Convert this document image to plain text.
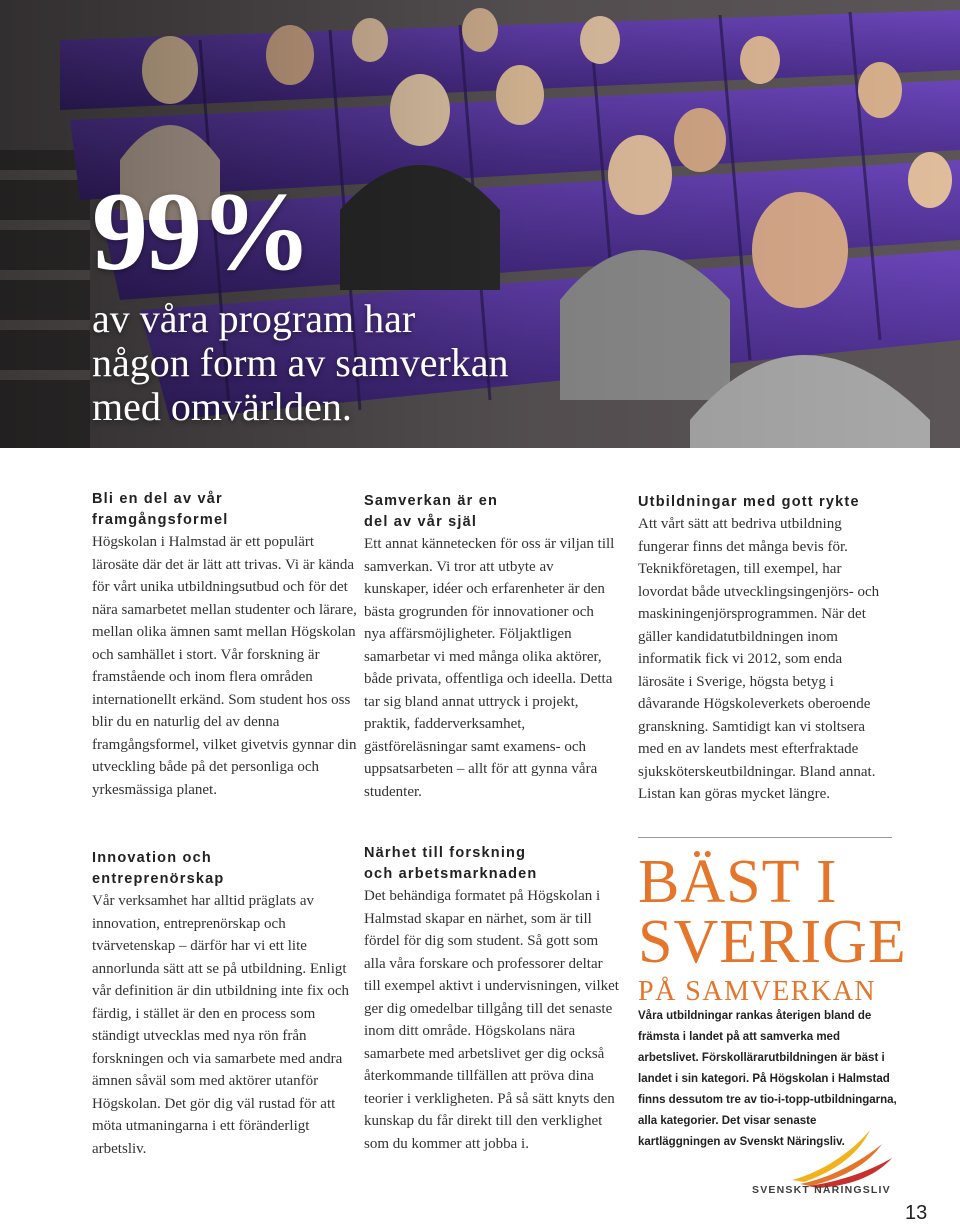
99%
av våra program har
någon form av samverkan
med omvärlden.
Bli en del av vår
framgångsformel

Högskolan i Halmstad är ett populärt lärosäte där det är lätt att trivas. Vi är kända för vårt unika utbildningsutbud och för det nära samarbetet mellan studenter och lärare, mellan olika ämnen samt mellan Högskolan och samhället i stort. Vår forskning är framstående och inom flera områden internationellt erkänd. Som student hos oss blir du en naturlig del av denna framgångsformel, vilket givetvis gynnar din utveckling både på det personliga och yrkesmässiga planet.

Innovation och
entreprenörskap

Vår verksamhet har alltid präglats av innovation, entreprenörskap och tvärvetenskap – därför har vi ett lite annorlunda sätt att se på utbildning. Enligt vår definition är din utbildning inte fix och färdig, i stället är den en process som ständigt utvecklas med nya rön från forskningen och via samarbete med andra ämnen såväl som med aktörer utanför Högskolan. Det gör dig väl rustad för att möta utmaningarna i ett föränderligt arbetsliv.

Samverkan är en
del av vår själ

Ett annat kännetecken för oss är viljan till samverkan. Vi tror att utbyte av kunskaper, idéer och erfarenheter är den bästa grogrunden för innovationer och nya affärsmöjligheter. Följaktligen samarbetar vi med många olika aktörer, både privata, offentliga och ideella. Detta tar sig bland annat uttryck i projekt, praktik, fadderverksamhet, gästföreläsningar samt examens- och uppsatsarbeten – allt för att gynna våra studenter.

Närhet till forskning
och arbetsmarknaden

Det behändiga formatet på Högskolan i Halmstad skapar en närhet, som är till fördel för dig som student. Så gott som alla våra forskare och professorer deltar till exempel aktivt i undervisningen, vilket ger dig omedelbar tillgång till det senaste inom ditt område. Högskolans nära samarbete med arbetslivet ger dig också återkommande tillfällen att pröva dina teorier i verkligheten. På så sätt knyts den kunskap du får direkt till den verklighet som du kommer att jobba i.

Utbildningar med gott rykte

Att vårt sätt att bedriva utbildning fungerar finns det många bevis för. Teknikföretagen, till exempel, har lovordat både utvecklingsingenjörs- och maskiningenjörsprogrammen. När det gäller kandidatutbildningen inom informatik fick vi 2012, som enda lärosäte i Sverige, högsta betyg i dåvarande Högskoleverkets oberoende granskning. Samtidigt kan vi stoltsera med en av landets mest efterfraktade sjuksköterskeutbildningar. Bland annat. Listan kan göras mycket längre.

BÄST I
SVERIGE
PÅ SAMVERKAN

Våra utbildningar rankas återigen bland de främsta i landet på att samverka med arbetslivet. Förskollärarutbildningen är bäst i landet i sin kategori. På Högskolan i Halmstad finns dessutom tre av tio-i-topp-utbildningarna, alla kategorier. Det visar senaste kartläggningen av Svenskt Näringsliv.

SVENSKT NÄRINGSLIV

13
